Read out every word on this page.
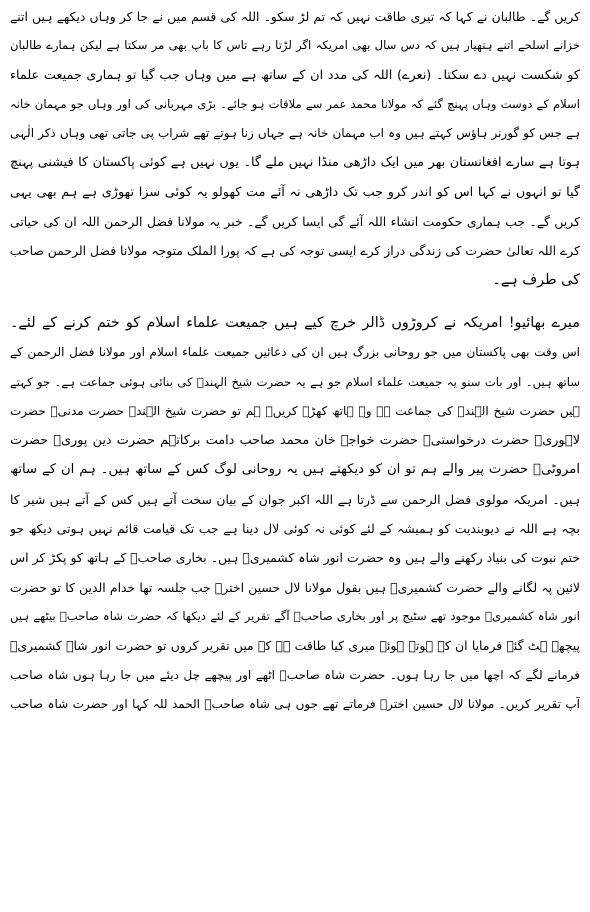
کریں گے۔ طالبان نے کہا کہ تیری طاقت نہیں کہ تم لڑ سکو۔ اللہ کی قسم میں نے جا کر وہاں دیکھے ہیں اتنے
خزانے اسلحے اتنے ہتھیار ہیں کہ دس سال بھی امریکہ اگر لڑتا رہے تاس کا باپ بھی مر سکتا ہے لیکن ہمارے طالبان
کو شکست نہیں دے سکتا۔ (نعرے) اللہ کی مدد ان کے ساتھ ہے میں وہاں جب گیا تو ہماری جمیعت علماء
اسلام کے دوست وہاں پہنچ گئے کہ مولانا محمد عمر سے ملاقات ہو جائے۔ بڑی مہربانی کی اور وہاں جو مہمان خانہ
ہے جس کو گورنر ہاؤس کہتے ہیں وہ اب مہمان خانہ ہے جہاں زنا ہوتے تھے شراب پی جاتی تھی وہاں ذکر الٰہی
ہوتا ہے سارے افغانستان بھر میں ایک داڑھی منڈا نہیں ملے گا۔ یوں نہیں ہے کوئی پاکستان کا فیشنی پہنچ
گیا تو انہوں نے کہا اس کو اندر کرو جب تک داڑھی نہ آئے مت کھولو یہ کوئی سزا تھوڑی ہے ہم بھی یہی
کریں گے۔ جب ہماری حکومت انشاء اللہ آئے گی ایسا کریں گے۔ خبر یہ مولانا فضل الرحمن اللہ ان کی حیاتی
کرے اللہ تعالیٰ حضرت کی زندگی دراز کرے ایسی توجہ کی ہے کہ پورا الملک متوجہ مولانا فضل الرحمن صاحب
کی طرف ہے۔
میرے بھائیو! امریکہ نے کروڑوں ڈالر خرچ کیے ہیں جمیعت علماء اسلام کو ختم کرنے کے لئے۔
اس وقت بھی پاکستان میں جو روحانی بزرگ ہیں ان کی دعائیں جمیعت علماء اسلام اور مولانا فضل الرحمن کے
ساتھ ہیں۔ اور بات سنو یہ جمیعت علماء اسلام جو ہے یہ حضرت شیخ الہندؒ کی بنائی ہوئی جماعت ہے۔ جو کہتے
ہیں حضرت شیخ الہندؒ کی جماعت ہے وہ ہاتھ کھڑے کریں۔ ہم تو حضرت شیخ الہندؒ حضرت مدنیؒ حضرت
لاہوریؒ حضرت درخواستیؒ حضرت خواجہ خان محمد صاحب دامت برکاتہم حضرت دین پوریؒ حضرت
امروٹیؒ حضرت پیر والے ہم تو ان کو دیکھتے ہیں یہ روحانی لوگ کس کے ساتھ ہیں۔ ہم ان کے ساتھ
ہیں۔ امریکہ مولوی فضل الرحمن سے ڈرتا ہے اللہ اکبر جوان کے بیان سخت آتے ہیں کس کے آتے ہیں شیر کا
بچہ ہے اللہ نے دیوبندیت کو ہمیشہ کے لئے کوئی نہ کوئی لال دینا ہے جب تک قیامت قائم نہیں ہوتی دیکھ جو
ختم نبوت کی بنیاد رکھنے والے ہیں وہ حضرت انور شاہ کشمیریؒ ہیں۔ بخاری صاحبؒ کے ہاتھ کو پکڑ کر اس
لائین پہ لگانے والے حضرت کشمیریؒ ہیں بقول مولانا لال حسین اخترؒ جب جلسہ تھا خدام الدین کا تو حضرت
انور شاہ کشمیریؒ موجود تھے سٹیج پر اور بخاری صاحبؒ آگے تقریر کے لئے دیکھا کہ حضرت شاہ صاحبؒ بیٹھے ہیں
پیچھے ہٹ گئے فرمایا ان کے ہوتے ہوئے میری کیا طاقت ہے کہ میں تقریر کروں تو حضرت انور شاہ کشمیریؒ
فرمانے لگے کہ اچھا میں جا رہا ہوں۔ حضرت شاہ صاحبؒ اٹھے اور پیچھے چل دیئے میں جا رہا ہوں شاہ صاحب
آپ تقریر کریں۔ مولانا لال حسین اخترؒ فرماتے تھے جوں ہی شاہ صاحبؒ الحمد للہ کہا اور حضرت شاہ صاحب
